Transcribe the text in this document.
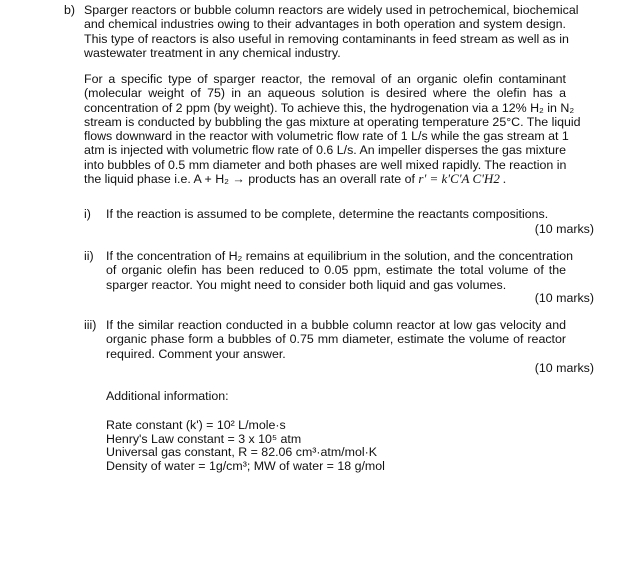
b) Sparger reactors or bubble column reactors are widely used in petrochemical, biochemical
and chemical industries owing to their advantages in both operation and system design.
This type of reactors is also useful in removing contaminants in feed stream as well as in
wastewater treatment in any chemical industry.
For a specific type of sparger reactor, the removal of an organic olefin contaminant
(molecular weight of 75) in an aqueous solution is desired where the olefin has a
concentration of 2 ppm (by weight). To achieve this, the hydrogenation via a 12% H₂ in N₂
stream is conducted by bubbling the gas mixture at operating temperature 25°C. The liquid
flows downward in the reactor with volumetric flow rate of 1 L/s while the gas stream at 1
atm is injected with volumetric flow rate of 0.6 L/s. An impeller disperses the gas mixture
into bubbles of 0.5 mm diameter and both phases are well mixed rapidly. The reaction in
the liquid phase i.e. A + H₂ → products has an overall rate of r' = k'C'A C'H2 .
i) If the reaction is assumed to be complete, determine the reactants compositions.
(10 marks)
ii) If the concentration of H₂ remains at equilibrium in the solution, and the concentration
of organic olefin has been reduced to 0.05 ppm, estimate the total volume of the
sparger reactor. You might need to consider both liquid and gas volumes.
(10 marks)
iii) If the similar reaction conducted in a bubble column reactor at low gas velocity and
organic phase form a bubbles of 0.75 mm diameter, estimate the volume of reactor
required. Comment your answer.
(10 marks)
Additional information:
Rate constant (k') = 10² L/mole·s
Henry's Law constant = 3 x 10⁵ atm
Universal gas constant, R = 82.06 cm³·atm/mol·K
Density of water = 1g/cm³; MW of water = 18 g/mol
